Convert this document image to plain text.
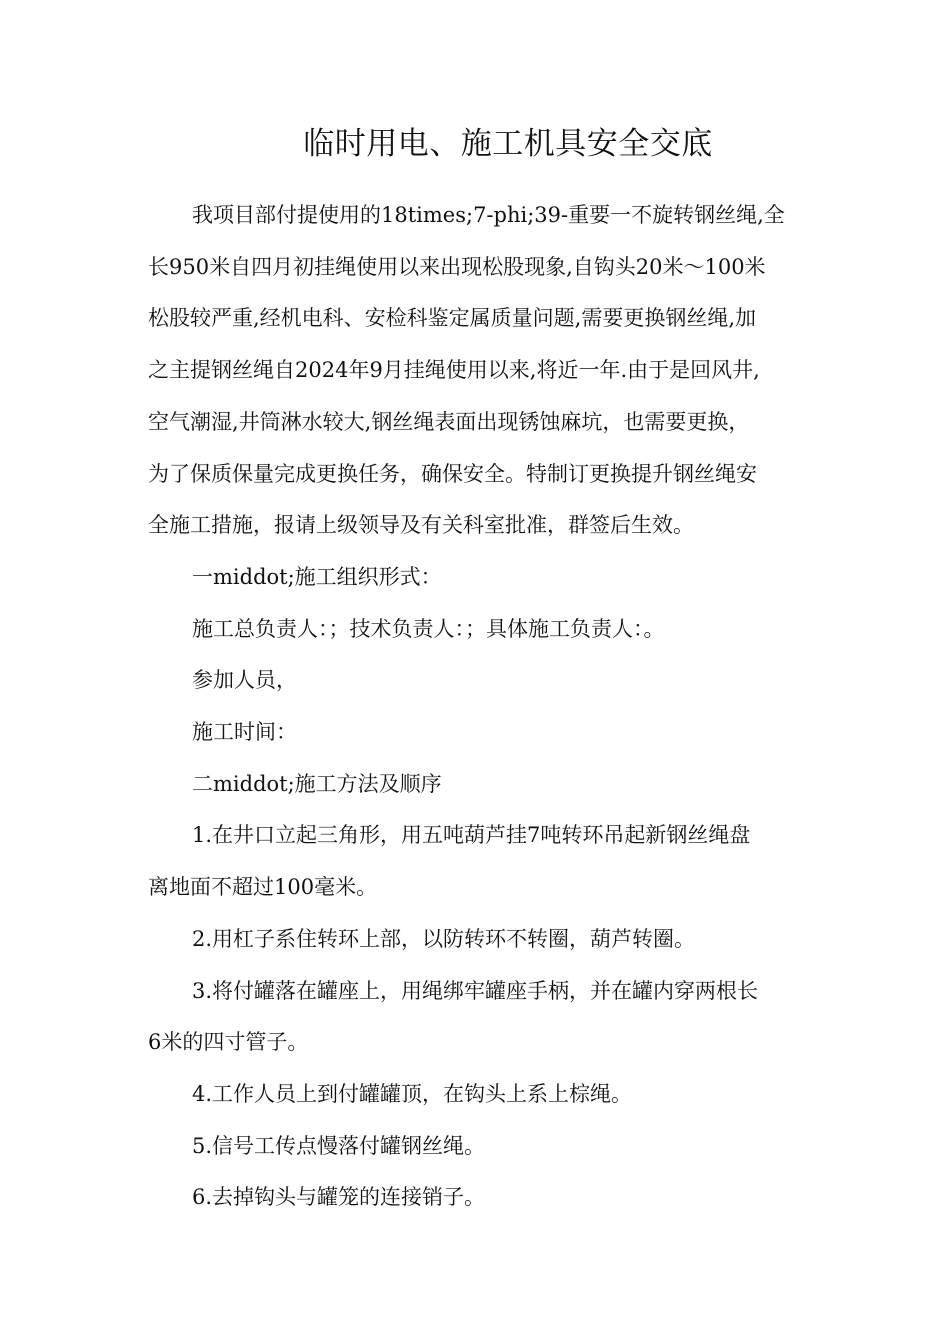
临时用电、施工机具安全交底
我项目部付提使用的18times;7-phi;39-重要一不旋转钢丝绳,全
长950米自四月初挂绳使用以来出现松股现象,自钩头20米～100米
松股较严重,经机电科、安检科鉴定属质量问题,需要更换钢丝绳,加
之主提钢丝绳自2024年9月挂绳使用以来,将近一年.由于是回风井,
空气潮湿,井筒淋水较大,钢丝绳表面出现锈蚀麻坑，也需要更换，
为了保质保量完成更换任务，确保安全。特制订更换提升钢丝绳安
全施工措施，报请上级领导及有关科室批准，群签后生效。
一middot;施工组织形式：
施工总负责人：；技术负责人：；具体施工负责人：。
参加人员，
施工时间：
二middot;施工方法及顺序
1.在井口立起三角形，用五吨葫芦挂7吨转环吊起新钢丝绳盘
离地面不超过100毫米。
2.用杠子系住转环上部，以防转环不转圈，葫芦转圈。
3.将付罐落在罐座上，用绳绑牢罐座手柄，并在罐内穿两根长
6米的四寸管子。
4.工作人员上到付罐罐顶，在钩头上系上棕绳。
5.信号工传点慢落付罐钢丝绳。
6.去掉钩头与罐笼的连接销子。
